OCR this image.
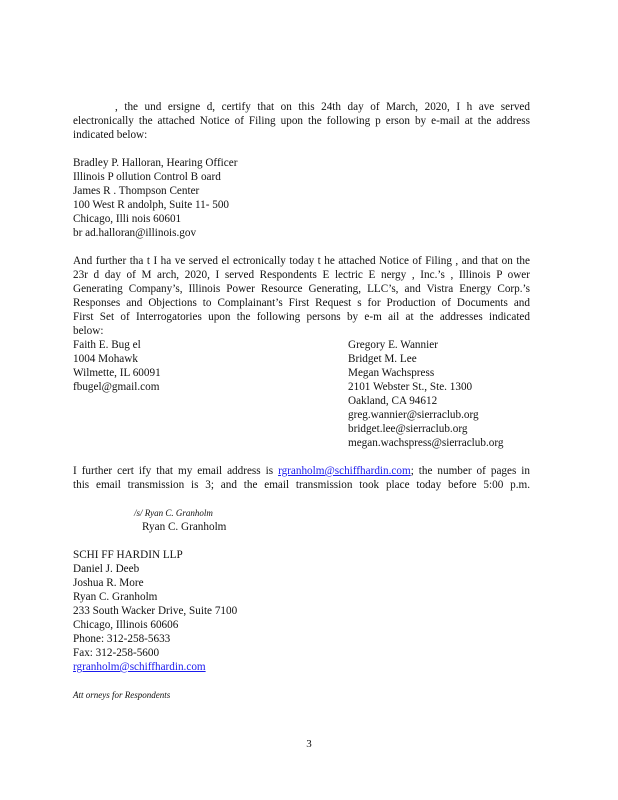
, the und ersigne d, certify that on this 24th day of March, 2020, I h ave served
electronically the attached Notice of Filing upon the following p erson by e-mail at the address
indicated below:
Bradley P. Halloran, Hearing Officer
Illinois P ollution Control B oard
James R . Thompson Center
100 West R andolph, Suite 11- 500
Chicago, Illi nois 60601
br ad.halloran@illinois.gov
And further tha t I ha ve served el ectronically today t he attached Notice of Filing , and that on the
23r d day of M arch, 2020, I served Respondents E lectric E nergy , Inc.’s , Illinois P ower
Generating Company’s, Illinois Power Resource Generating, LLC’s, and Vistra Energy Corp.’s
Responses and Objections to Complainant’s First Request s for Production of Documents and
First Set of Interrogatories upon the following persons by e-m ail at the addresses indicated
below:
Faith E. Bug el
1004 Mohawk
Wilmette, IL 60091
fbugel@gmail.com
Gregory E. Wannier
Bridget M. Lee
Megan Wachspress
2101 Webster St., Ste. 1300
Oakland, CA 94612
greg.wannier@sierraclub.org
bridget.lee@sierraclub.org
megan.wachspress@sierraclub.org
I further cert ify that my email address is rgranholm@schiffhardin.com; the number of pages in
this email transmission is 3; and the email transmission took place today before 5:00 p.m.
/s/ Ryan C. Granholm
Ryan C. Granholm
SCHI FF HARDIN LLP
Daniel J. Deeb
Joshua R. More
Ryan C. Granholm
233 South Wacker Drive, Suite 7100
Chicago, Illinois 60606
Phone: 312-258-5633
Fax: 312-258-5600
rgranholm@schiffhardin.com
Att orneys for Respondents
3
